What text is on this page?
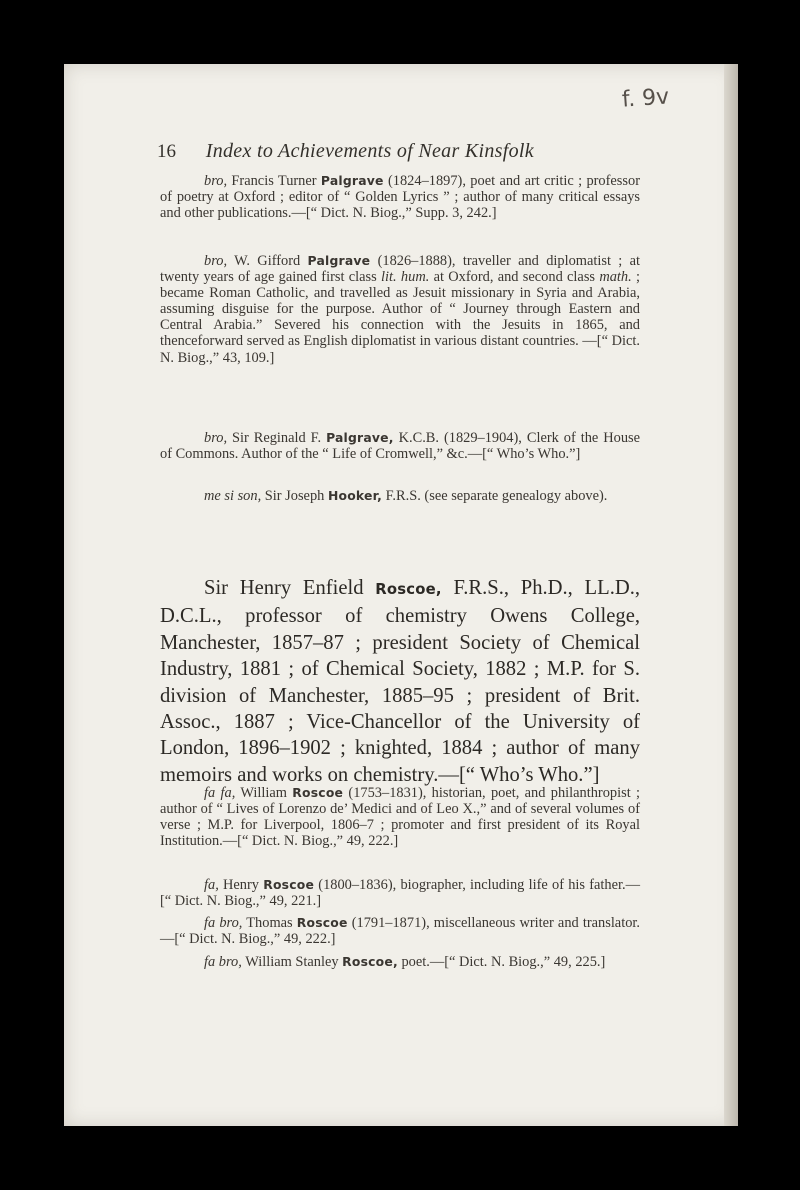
f. 9v
16 Index to Achievements of Near Kinsfolk

bro, Francis Turner Palgrave (1824–1897), poet and art critic ; professor of poetry at Oxford ; editor of “ Golden Lyrics ” ; author of many critical essays and other publications.—[“ Dict. N. Biog.,” Supp. 3, 242.]

bro, W. Gifford Palgrave (1826–1888), traveller and diplomatist ; at twenty years of age gained first class lit. hum. at Oxford, and second class math. ; became Roman Catholic, and travelled as Jesuit missionary in Syria and Arabia, assuming disguise for the purpose. Author of “ Journey through Eastern and Central Arabia.” Severed his connection with the Jesuits in 1865, and thenceforward served as English diplomatist in various distant countries. —[“ Dict. N. Biog.,” 43, 109.]

bro, Sir Reginald F. Palgrave, K.C.B. (1829–1904), Clerk of the House of Commons. Author of the “ Life of Cromwell,” &c.—[“ Who’s Who.”]

me si son, Sir Joseph Hooker, F.R.S. (see separate genealogy above).

Sir Henry Enfield Roscoe, F.R.S., Ph.D., LL.D., D.C.L., professor of chemistry Owens College, Manchester, 1857–87 ; president Society of Chemical Industry, 1881 ; of Chemical Society, 1882 ; M.P. for S. division of Manchester, 1885–95 ; president of Brit. Assoc., 1887 ; Vice-Chancellor of the University of London, 1896–1902 ; knighted, 1884 ; author of many memoirs and works on chemistry.—[“ Who’s Who.”]

fa fa, William Roscoe (1753–1831), historian, poet, and philanthropist ; author of “ Lives of Lorenzo de’ Medici and of Leo X.,” and of several volumes of verse ; M.P. for Liverpool, 1806–7 ; promoter and first president of its Royal Institution.—[“ Dict. N. Biog.,” 49, 222.]

fa, Henry Roscoe (1800–1836), biographer, including life of his father.—[“ Dict. N. Biog.,” 49, 221.]

fa bro, Thomas Roscoe (1791–1871), miscellaneous writer and translator.—[“ Dict. N. Biog.,” 49, 222.]

fa bro, William Stanley Roscoe, poet.—[“ Dict. N. Biog.,” 49, 225.]
